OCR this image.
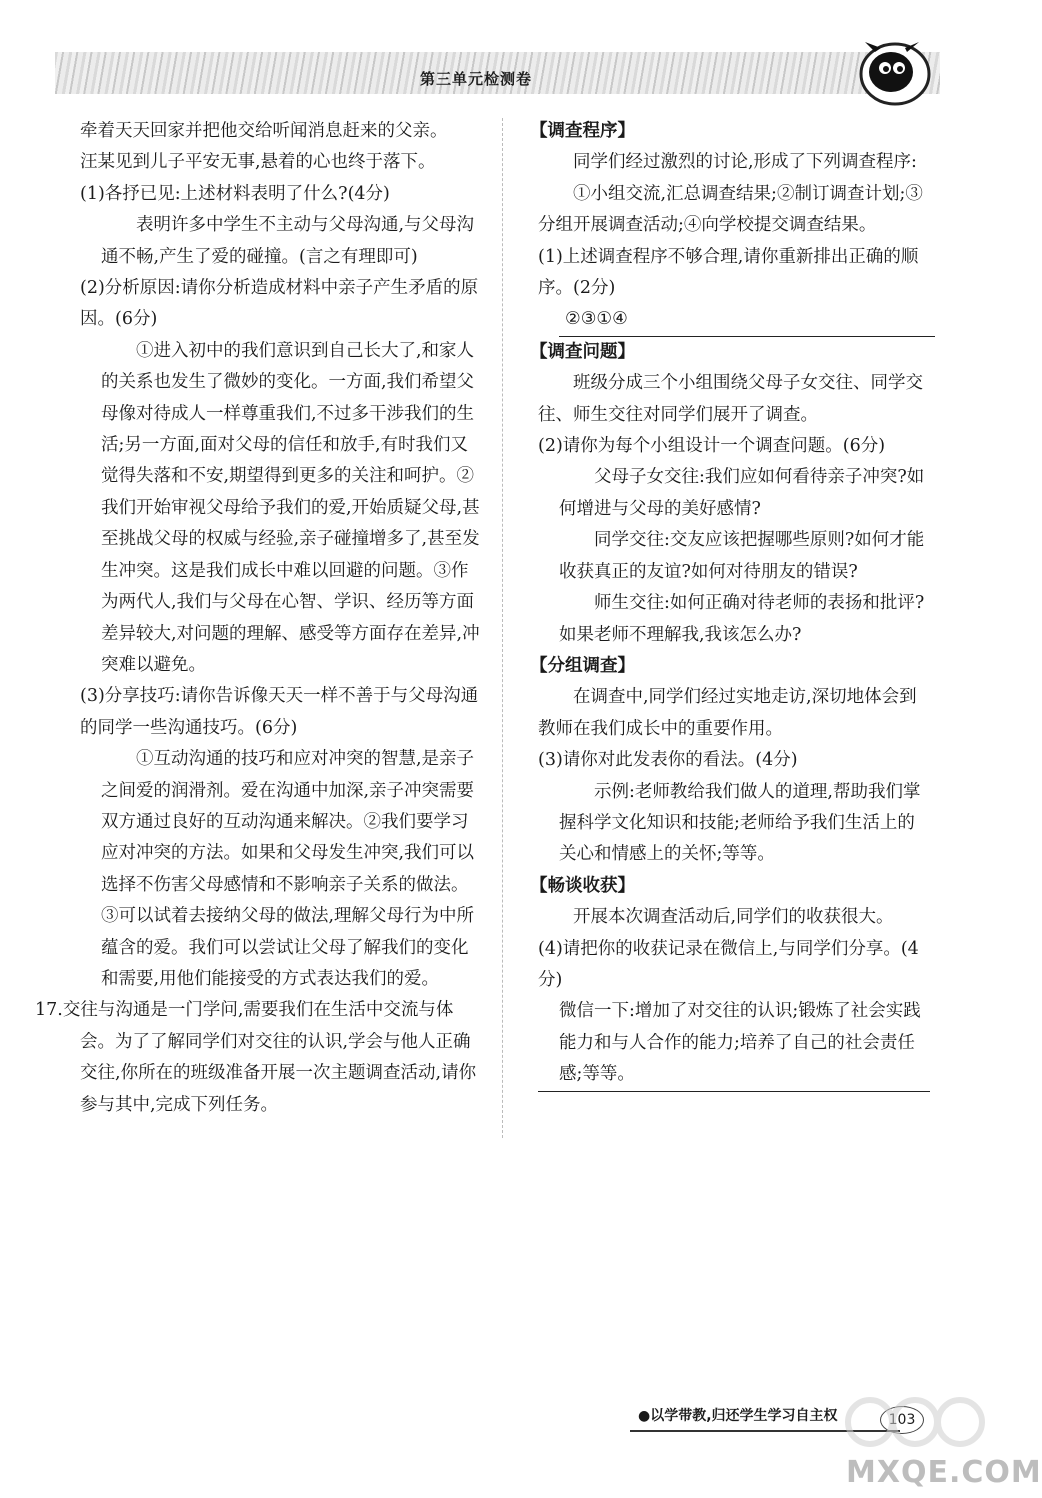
第三单元检测卷

牵着天天回家并把他交给听闻消息赶来的父亲。

汪某见到儿子平安无事,悬着的心也终于落下。

(1)各抒已见:上述材料表明了什么?(4分)

表明许多中学生不主动与父母沟通,与父母沟通不畅,产生了爱的碰撞。(言之有理即可)

(2)分析原因:请你分析造成材料中亲子产生矛盾的原因。(6分)

①进入初中的我们意识到自己长大了,和家人的关系也发生了微妙的变化。一方面,我们希望父母像对待成人一样尊重我们,不过多干涉我们的生活;另一方面,面对父母的信任和放手,有时我们又觉得失落和不安,期望得到更多的关注和呵护。②我们开始审视父母给予我们的爱,开始质疑父母,甚至挑战父母的权威与经验,亲子碰撞增多了,甚至发生冲突。这是我们成长中难以回避的问题。③作为两代人,我们与父母在心智、学识、经历等方面差异较大,对问题的理解、感受等方面存在差异,冲突难以避免。

(3)分享技巧:请你告诉像天天一样不善于与父母沟通的同学一些沟通技巧。(6分)

①互动沟通的技巧和应对冲突的智慧,是亲子之间爱的润滑剂。爱在沟通中加深,亲子冲突需要双方通过良好的互动沟通来解决。②我们要学习应对冲突的方法。如果和父母发生冲突,我们可以选择不伤害父母感情和不影响亲子关系的做法。③可以试着去接纳父母的做法,理解父母行为中所蕴含的爱。我们可以尝试让父母了解我们的变化和需要,用他们能接受的方式表达我们的爱。

17.交往与沟通是一门学问,需要我们在生活中交流与体会。为了了解同学们对交往的认识,学会与他人正确交往,你所在的班级准备开展一次主题调查活动,请你参与其中,完成下列任务。

【调查程序】

同学们经过激烈的讨论,形成了下列调查程序:

①小组交流,汇总调查结果;②制订调查计划;③分组开展调查活动;④向学校提交调查结果。

(1)上述调查程序不够合理,请你重新排出正确的顺序。(2分)

②③①④

【调查问题】

班级分成三个小组围绕父母子女交往、同学交往、师生交往对同学们展开了调查。

(2)请你为每个小组设计一个调查问题。(6分)

父母子女交往:我们应如何看待亲子冲突?如何增进与父母的美好感情?

同学交往:交友应该把握哪些原则?如何才能收获真正的友谊?如何对待朋友的错误?

师生交往:如何正确对待老师的表扬和批评?如果老师不理解我,我该怎么办?

【分组调查】

在调查中,同学们经过实地走访,深切地体会到教师在我们成长中的重要作用。

(3)请你对此发表你的看法。(4分)

示例:老师教给我们做人的道理,帮助我们掌握科学文化知识和技能;老师给予我们生活上的关心和情感上的关怀;等等。

【畅谈收获】

开展本次调查活动后,同学们的收获很大。

(4)请把你的收获记录在微信上,与同学们分享。(4分)

微信一下:增加了对交往的认识;锻炼了社会实践能力和与人合作的能力;培养了自己的社会责任感;等等。

●以学带教,归还学生学习自主权	103
MXQE.COM
